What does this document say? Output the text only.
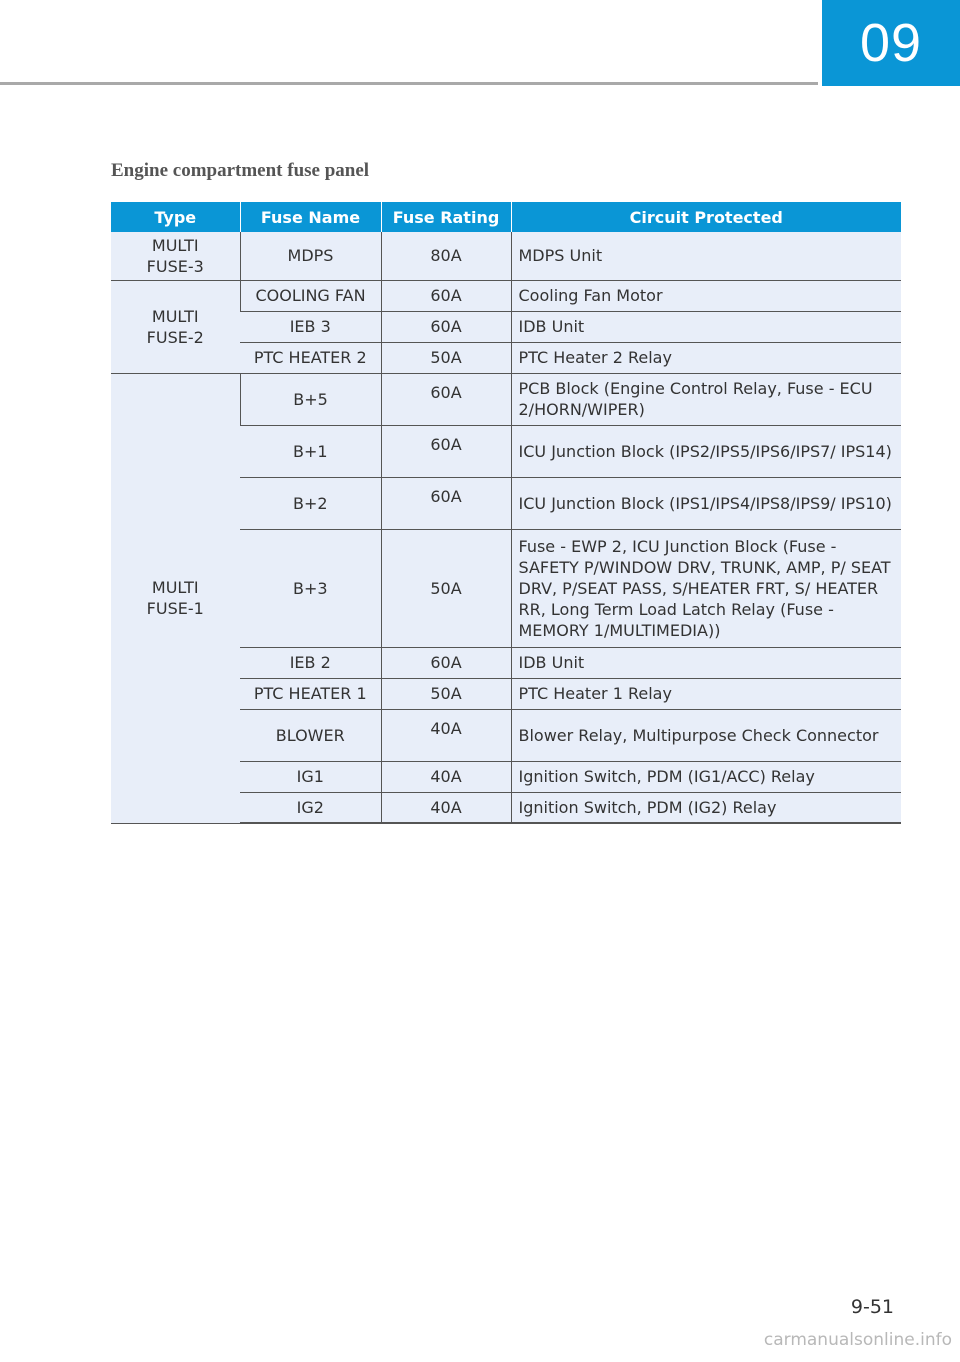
09
Engine compartment fuse panel
Type	Fuse Name	Fuse Rating	Circuit Protected
MULTI FUSE-3	MDPS	80A	MDPS Unit
MULTI FUSE-2	COOLING FAN	60A	Cooling Fan Motor
	IEB 3	60A	IDB Unit
	PTC HEATER 2	50A	PTC Heater 2 Relay
MULTI FUSE-1	B+5	60A	PCB Block (Engine Control Relay, Fuse - ECU 2/HORN/WIPER)
	B+1	60A	ICU Junction Block (IPS2/IPS5/IPS6/IPS7/ IPS14)
	B+2	60A	ICU Junction Block (IPS1/IPS4/IPS8/IPS9/ IPS10)
	B+3	50A	Fuse - EWP 2, ICU Junction Block (Fuse - SAFETY P/WINDOW DRV, TRUNK, AMP, P/ SEAT DRV, P/SEAT PASS, S/HEATER FRT, S/ HEATER RR, Long Term Load Latch Relay (Fuse - MEMORY 1/MULTIMEDIA))
	IEB 2	60A	IDB Unit
	PTC HEATER 1	50A	PTC Heater 1 Relay
	BLOWER	40A	Blower Relay, Multipurpose Check Connector
	IG1	40A	Ignition Switch, PDM (IG1/ACC) Relay
	IG2	40A	Ignition Switch, PDM (IG2) Relay
9-51
carmanualsonline.info
